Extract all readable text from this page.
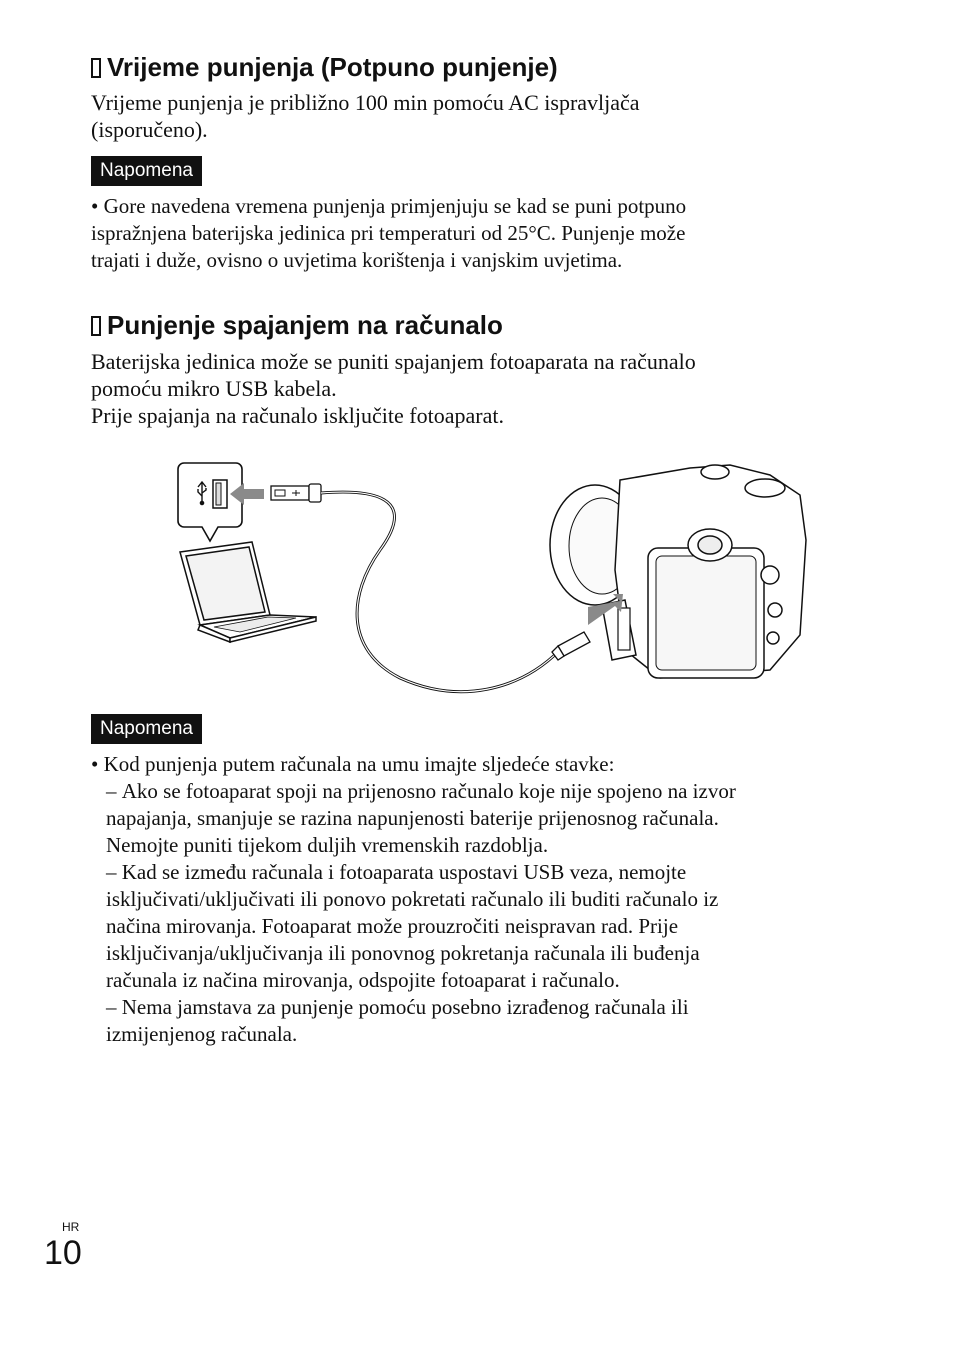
Vrijeme punjenja (Potpuno punjenje)
Vrijeme punjenja je približno 100 min pomoću AC ispravljača
(isporučeno).
Napomena
• Gore navedena vremena punjenja primjenjuju se kad se puni potpuno
ispražnjena baterijska jedinica pri temperaturi od 25°C. Punjenje može
trajati i duže, ovisno o uvjetima korištenja i vanjskim uvjetima.
Punjenje spajanjem na računalo
Baterijska jedinica može se puniti spajanjem fotoaparata na računalo
pomoću mikro USB kabela.
Prije spajanja na računalo isključite fotoaparat.
Napomena
• Kod punjenja putem računala na umu imajte sljedeće stavke:
– Ako se fotoaparat spoji na prijenosno računalo koje nije spojeno na izvor
napajanja, smanjuje se razina napunjenosti baterije prijenosnog računala.
Nemojte puniti tijekom duljih vremenskih razdoblja.
– Kad se između računala i fotoaparata uspostavi USB veza, nemojte
isključivati/uključivati ili ponovo pokretati računalo ili buditi računalo iz
načina mirovanja. Fotoaparat može prouzročiti neispravan rad. Prije
isključivanja/uključivanja ili ponovnog pokretanja računala ili buđenja
računala iz načina mirovanja, odspojite fotoaparat i računalo.
– Nema jamstava za punjenje pomoću posebno izrađenog računala ili
izmijenjenog računala.
HR
10
